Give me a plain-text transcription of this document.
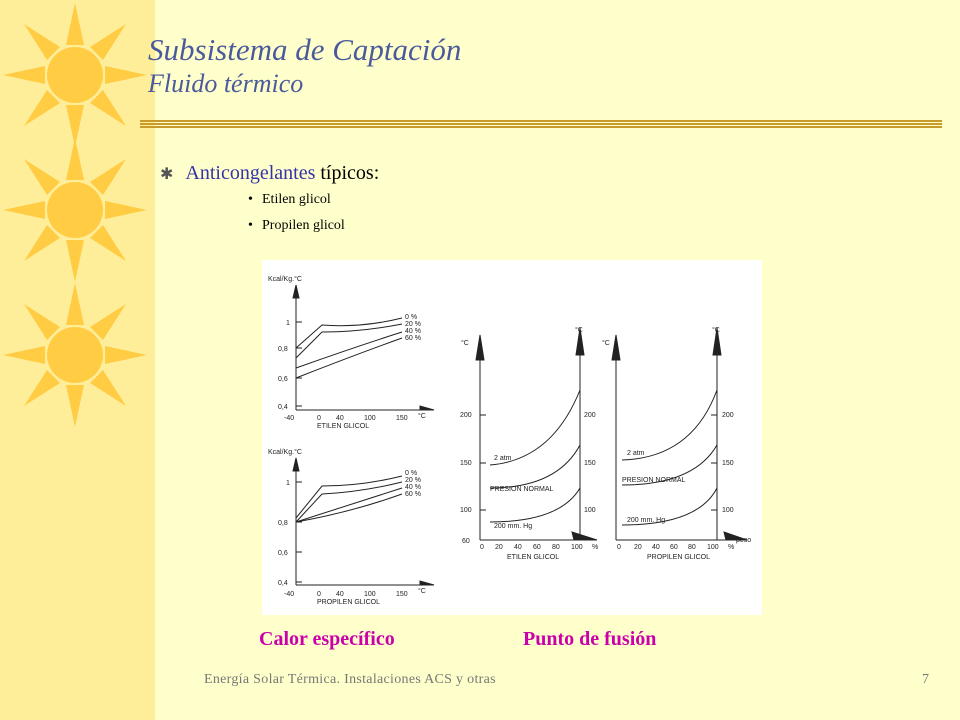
Subsistema de Captación
Fluido térmico
✱ Anticongelantes típicos:
• Etilen glicol
• Propilen glicol
Kcal/Kg.°C
1
0,8
0,6
0,4
-40	0 40	100	150 °C
ETILEN GLICOL
0 %
20 %
40 %
60 %
Kcal/Kg.°C
1
0,8
0,6
0,4
-40	0 40	100	150 °C
PROPILEN GLICOL
0 %
20 %
40 %
60 %
°C
200
150
100
60
°C
200
150
100
0 20 40 60 80 100 %
ETILEN GLICOL
2 atm
PRESION NORMAL
200 mm. Hg
°C
°C
200
150
100
0 20 40 60 80 100 %
peso
PROPILEN GLICOL
2 atm
PRESION NORMAL
200 mm. Hg
Calor específico	Punto de fusión
Energía Solar Térmica. Instalaciones ACS y otras	7
